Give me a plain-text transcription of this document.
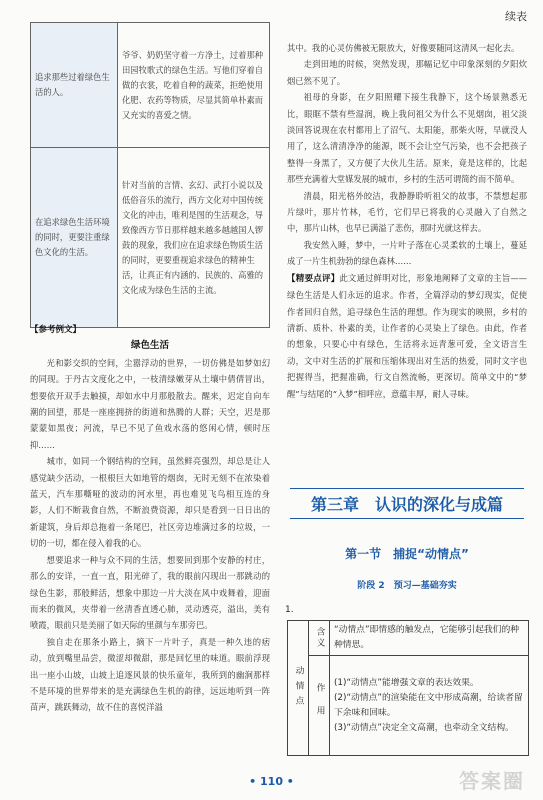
续表
追求那些过着绿色生活的人。	爷爷、奶奶坚守着一方净土，过着那种田园牧歌式的绿色生活。写他们穿着自做的衣裳，吃着自种的蔬菜，拒绝使用化肥、农药等物质，尽显其简单朴素而又充实的喜爱之情。
在追求绿色生活环境的同时，更要注重绿色文化的生活。	针对当前的言情、玄幻、武打小说以及低俗音乐的流行，西方文化对中国传统文化的冲击，唯利是图的生活观念，导致像西方节日那样越来越多越越国人锣鼓的现象，我们应在追求绿色物质生活的同时，更要重视追求绿色的精神生活，让真正有内涵的、民族的、高雅的文化成为绿色生活的主流。

【参考例文】

绿色生活

光和影交织的空间，尘嚣浮动的世界，一切仿佛是如梦如幻的同现。于丹古文度化之中，一枝清绿嫩芽从土壤中倩倩冒出，想要依开双手去触摸，却如水中月那般散去。醒来，迟定自向车潮的回望，那是一座座拥挤的街道和热腾的人群；天空，迟是那蒙蒙如黑夜；河流，早已不见了鱼戏水荡的悠闲心情，顿时压抑……

城市，如同一个钢结构的空间，虽然鲜亮强烈，却总是让人感觉缺少活动，一根根巨大如地管的烟囱，无时无刻不在浓染着蓝天，汽车那嘶哑的波动的河水里，再也难见飞鸟相互连的身影，人们不断栽食自然，不断浪费资源，却只是看到一日日出的新建筑，身后却总拖着一条尾巴，社区旁边堆满过多的垃圾，一切的一切，都在侵入着我的心。

想要追求一种与众不同的生活，想要回到那个安静的村庄，那么的安详，一直一直，阳光碎了，我的眼前闪现出一那跳动的绿色生影，那般鲜活，想象中那边一片大淡在风中戏舞着，迎面而来的微风，夹带着一丝清香直透心肺，灵动透亮，溢出，美有喷霞，眼前只是美丽了如天际的里颜与车那旁巴。

独自走在那条小路上，摘下一片叶子，真是一种久违的痞动，放到嘴里品尝，微涩却微甜，那是回忆里的味道。眼前浮现出一座小山坡，山坡上追逐风景的快乐童年，我所到的幽涧那样不是环境的世界带来的是充满绿色生机的韵律，远远地听到一阵苗声，跳跃舞动，故不住的喜悦洋溢

其中。我的心灵仿佛被无限放大，好像要随同这清风一起化去。

走到田地的时候，突然发现，那幅记忆中印象深刻的夕阳炊烟已然不见了。

祖母的身影，在夕阳照耀下接生我静下，这个场景熟悉无比，眼眶不禁有些湿润，晚上我问祖父为什么不见烟囱，祖父淡淡回答说现在农村都用上了沼气、太阳能，那柴火呀，早就没人用了，这么清清净净的能源，既不会让空气污染，也不会把孩子整得一身黑了，又方便了大伙儿生活。原来，竟是这样的，比起那些充满着大堂媒发展的城市，乡村的生活可谓简约而不简单。

清晨，阳光格外皎洁，我静静聆听祖父的故事，不禁想起那片绿叶，那片竹林，毛竹，它们早已将我的心灵融入了自然之中，那片山林，也早已满溢了悲伤，那时光就这样去。

我安然入睡，梦中，一片叶子落在心灵柔软的土壤上，蔓延成了一片生机勃勃的绿色森林……

【精要点评】此文通过鲜明对比，形象地阐释了文章的主旨——绿色生活是人们永远的追求。作者，全篇浮动的梦幻现实，促使作者回归自然，追寻绿色生活的理想。作为现实的映照，乡村的清新、质朴、朴素的美，让作者的心灵染上了绿色。由此，作者的想象，只要心中有绿色，生活将永远青葱可爱，全文语言生动，文中对生活的扩展和压缩体现出对生活的热爱，同时文字也把握得当，把握准确，行文自然流畅，更深切。简单文中的“梦醒”与结尾的“入梦”相呼应，意蕴丰厚，耐人寻味。

第三章　认识的深化与成篇
第一节　捕捉“动情点”
阶段 2　预习—基础夯实
1.
动情点	含义	“动情点”即情感的触发点，它能够引起我们的种种情思。
	作用	(1)“动情点”能增强文章的表达效果。
(2)“动情点”的渲染能在文中形成高潮，给读者留下余味和回味。
(3)“动情点”决定全文高潮，也牵动全文结构。
• 110 •	答案圈
